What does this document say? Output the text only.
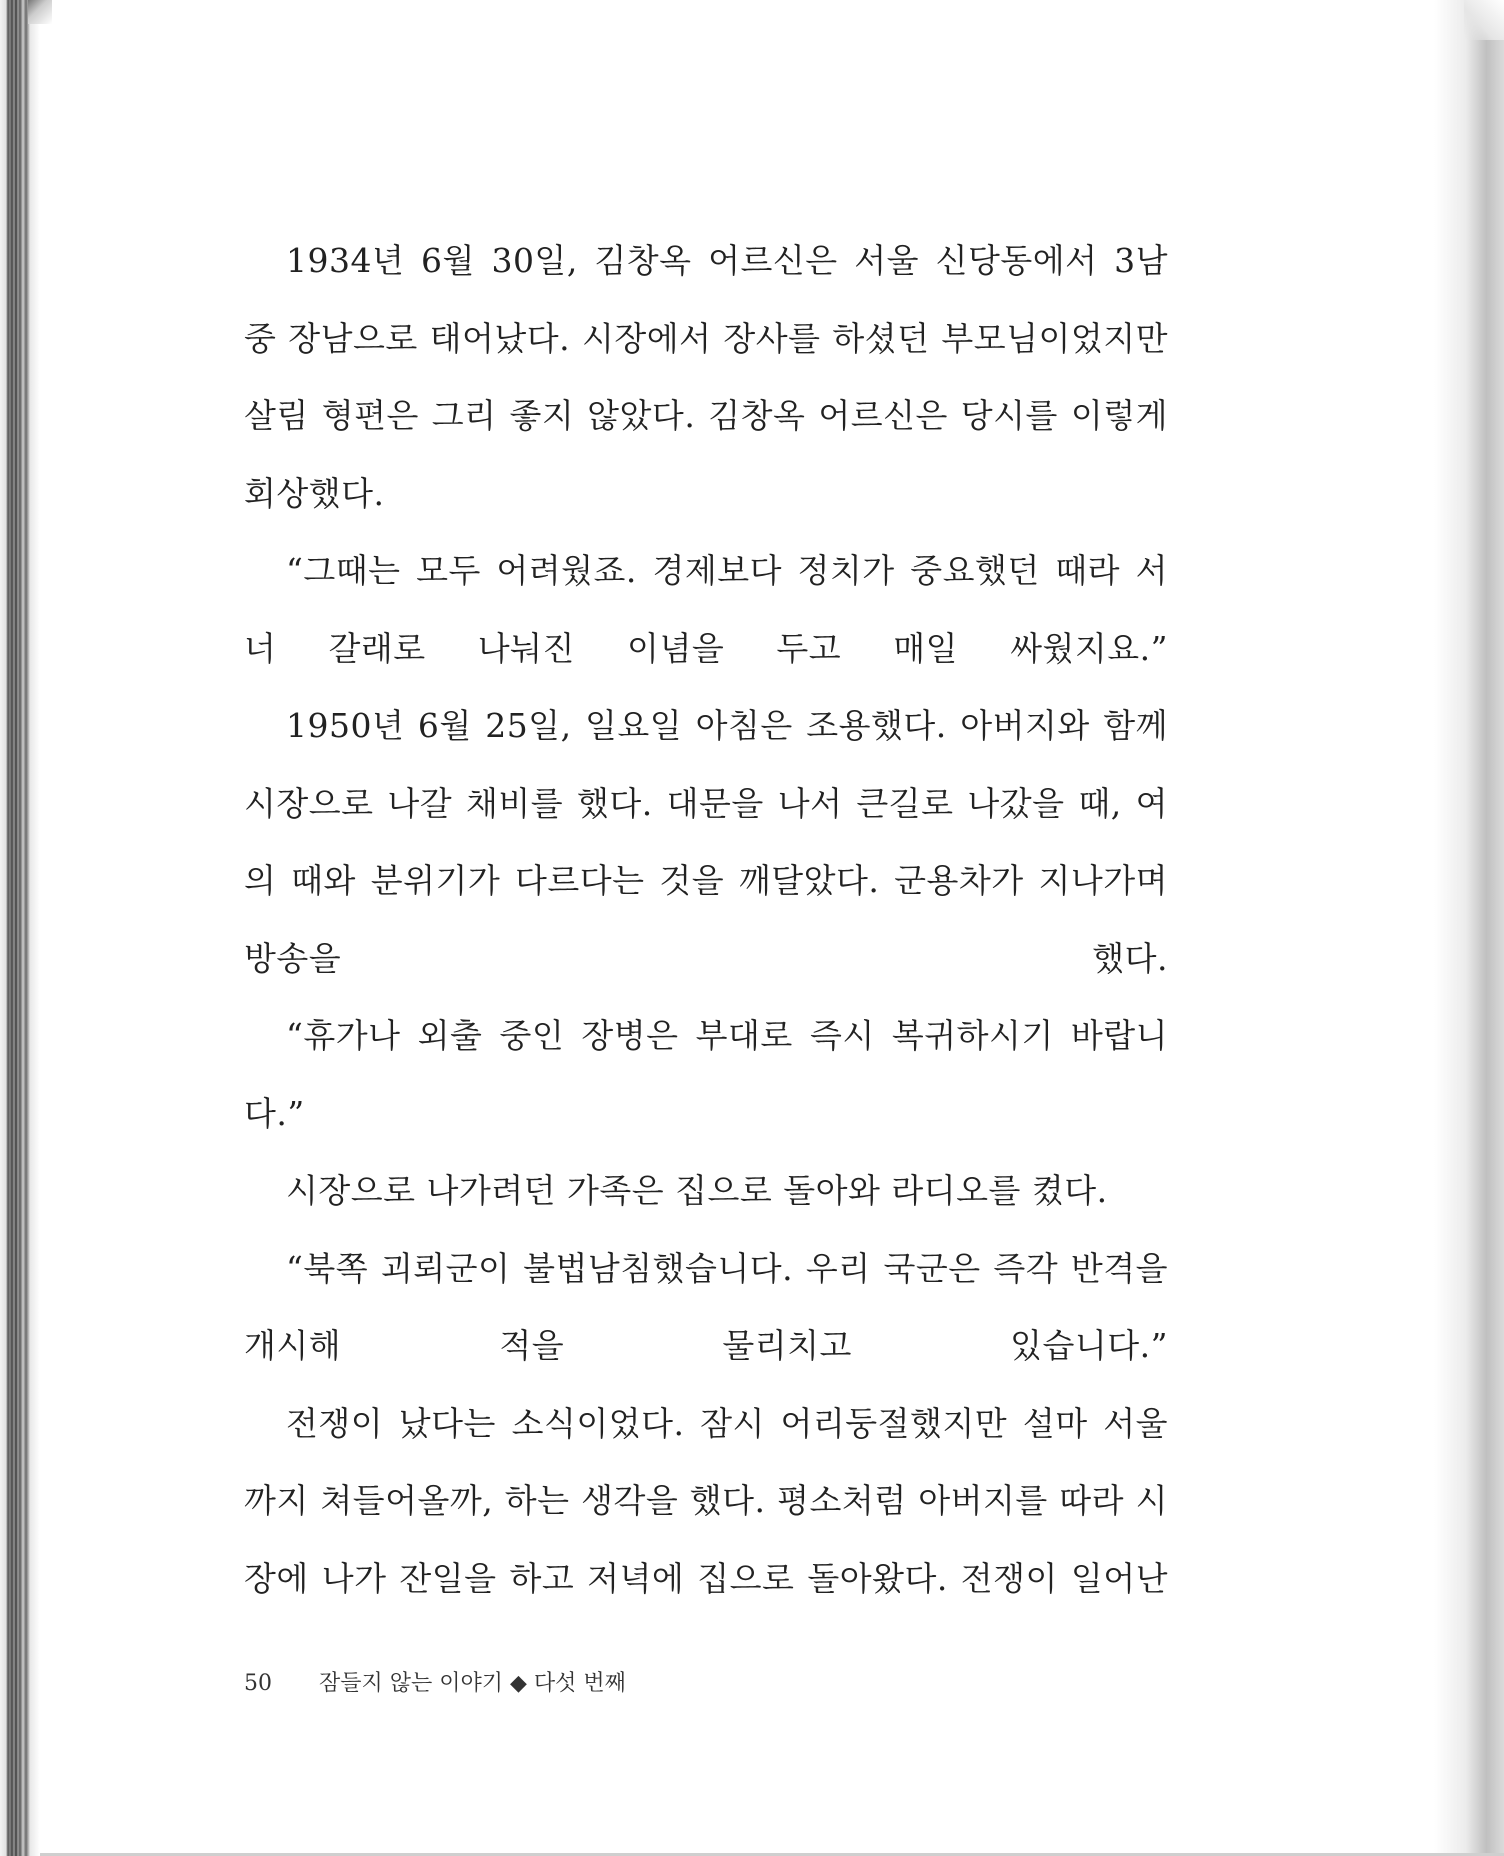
1934년 6월 30일, 김창옥 어르신은 서울 신당동에서 3남 중 장남으로 태어났다. 시장에서 장사를 하셨던 부모님이었지만 살림 형편은 그리 좋지 않았다. 김창옥 어르신은 당시를 이렇게 회상했다.

“그때는 모두 어려웠죠. 경제보다 정치가 중요했던 때라 서너 갈래로 나눠진 이념을 두고 매일 싸웠지요.”

1950년 6월 25일, 일요일 아침은 조용했다. 아버지와 함께 시장으로 나갈 채비를 했다. 대문을 나서 큰길로 나갔을 때, 여의 때와 분위기가 다르다는 것을 깨달았다. 군용차가 지나가며 방송을 했다.

“휴가나 외출 중인 장병은 부대로 즉시 복귀하시기 바랍니다.”

시장으로 나가려던 가족은 집으로 돌아와 라디오를 켰다.

“북쪽 괴뢰군이 불법남침했습니다. 우리 국군은 즉각 반격을 개시해 적을 물리치고 있습니다.”

전쟁이 났다는 소식이었다. 잠시 어리둥절했지만 설마 서울까지 쳐들어올까, 하는 생각을 했다. 평소처럼 아버지를 따라 시장에 나가 잔일을 하고 저녁에 집으로 돌아왔다. 전쟁이 일어난

50 잠들지 않는 이야기 ◆ 다섯 번째
